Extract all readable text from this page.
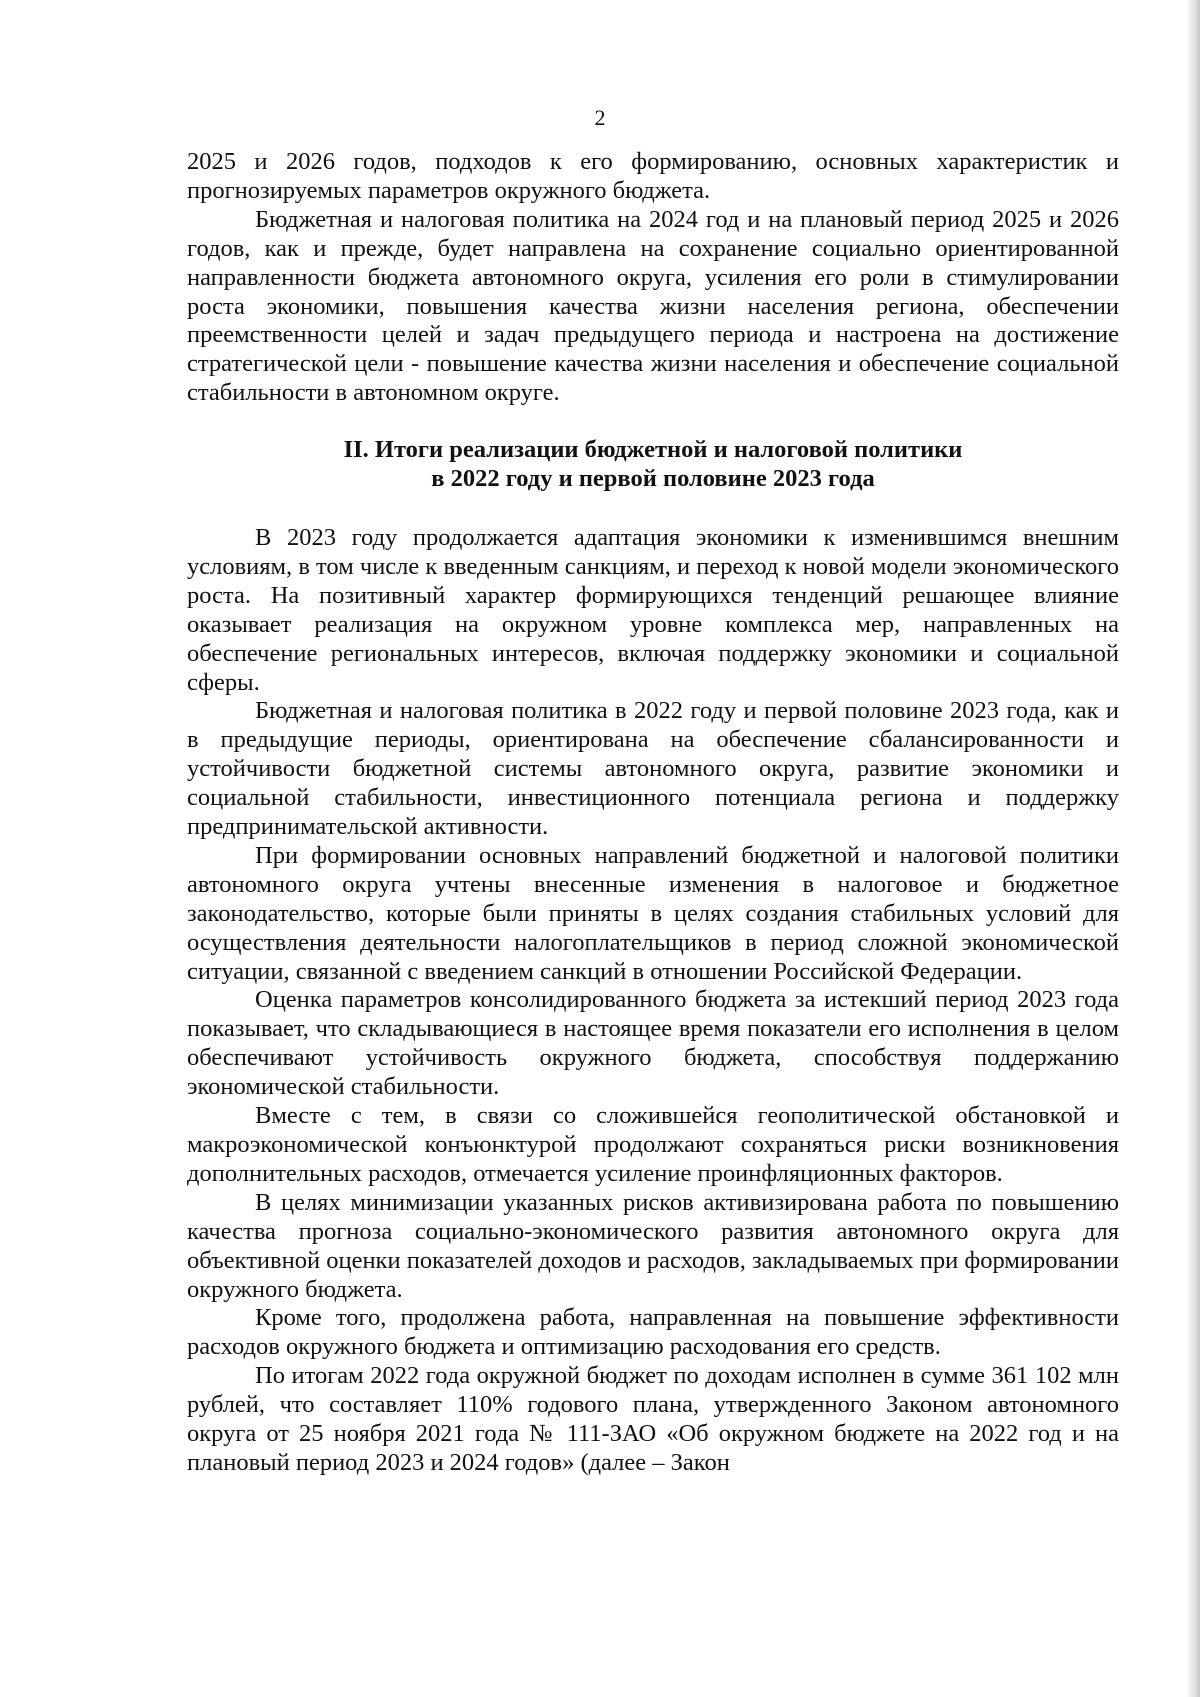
2

2025 и 2026 годов, подходов к его формированию, основных характеристик и прогнозируемых параметров окружного бюджета.

Бюджетная и налоговая политика на 2024 год и на плановый период 2025 и 2026 годов, как и прежде, будет направлена на сохранение социально ориентированной направленности бюджета автономного округа, усиления его роли в стимулировании роста экономики, повышения качества жизни населения региона, обеспечении преемственности целей и задач предыдущего периода и настроена на достижение стратегической цели - повышение качества жизни населения и обеспечение социальной стабильности в автономном округе.

II. Итоги реализации бюджетной и налоговой политики
в 2022 году и первой половине 2023 года

В 2023 году продолжается адаптация экономики к изменившимся внешним условиям, в том числе к введенным санкциям, и переход к новой модели экономического роста. На позитивный характер формирующихся тенденций решающее влияние оказывает реализация на окружном уровне комплекса мер, направленных на обеспечение региональных интересов, включая поддержку экономики и социальной сферы.

Бюджетная и налоговая политика в 2022 году и первой половине 2023 года, как и в предыдущие периоды, ориентирована на обеспечение сбалансированности и устойчивости бюджетной системы автономного округа, развитие экономики и социальной стабильности, инвестиционного потенциала региона и поддержку предпринимательской активности.

При формировании основных направлений бюджетной и налоговой политики автономного округа учтены внесенные изменения в налоговое и бюджетное законодательство, которые были приняты в целях создания стабильных условий для осуществления деятельности налогоплательщиков в период сложной экономической ситуации, связанной с введением санкций в отношении Российской Федерации.

Оценка параметров консолидированного бюджета за истекший период 2023 года показывает, что складывающиеся в настоящее время показатели его исполнения в целом обеспечивают устойчивость окружного бюджета, способствуя поддержанию экономической стабильности.

Вместе с тем, в связи со сложившейся геополитической обстановкой и макроэкономической конъюнктурой продолжают сохраняться риски возникновения дополнительных расходов, отмечается усиление проинфляционных факторов.

В целях минимизации указанных рисков активизирована работа по повышению качества прогноза социально-экономического развития автономного округа для объективной оценки показателей доходов и расходов, закладываемых при формировании окружного бюджета.

Кроме того, продолжена работа, направленная на повышение эффективности расходов окружного бюджета и оптимизацию расходования его средств.

По итогам 2022 года окружной бюджет по доходам исполнен в сумме 361 102 млн рублей, что составляет 110% годового плана, утвержденного Законом автономного округа от 25 ноября 2021 года № 111-ЗАО «Об окружном бюджете на 2022 год и на плановый период 2023 и 2024 годов» (далее – Закон
